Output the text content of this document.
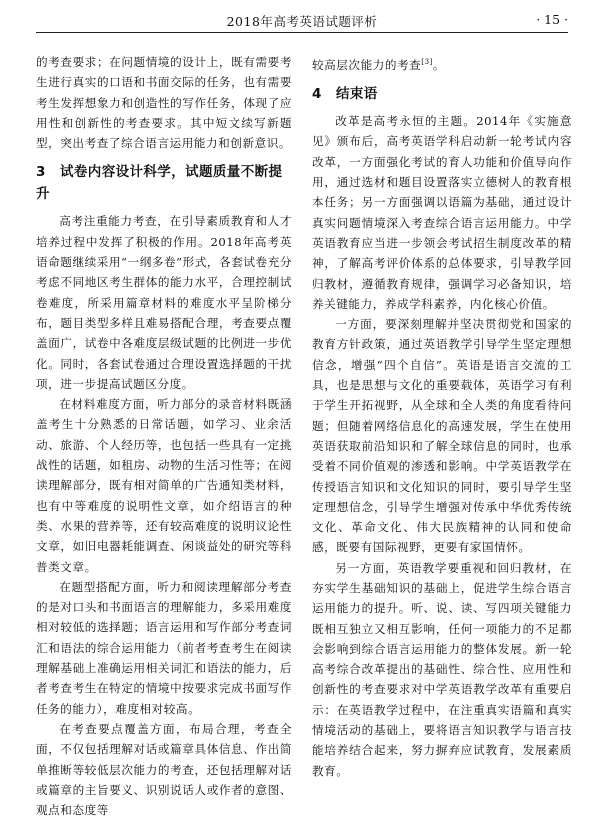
2018年高考英语试题评析	· 15 ·

的考查要求；在问题情境的设计上，既有需要考生进行真实的口语和书面交际的任务，也有需要考生发挥想象力和创造性的写作任务，体现了应用性和创新性的考查要求。其中短文续写新题型，突出考查了综合语言运用能力和创新意识。

3 试卷内容设计科学，试题质量不断提升

高考注重能力考查，在引导素质教育和人才培养过程中发挥了积极的作用。2018年高考英语命题继续采用“一纲多卷”形式，各套试卷充分考虑不同地区考生群体的能力水平，合理控制试卷难度，所采用篇章材料的难度水平呈阶梯分布，题目类型多样且难易搭配合理，考查要点覆盖面广，试卷中各难度层级试题的比例进一步优化。同时，各套试卷通过合理设置选择题的干扰项，进一步提高试题区分度。

在材料难度方面，听力部分的录音材料既涵盖考生十分熟悉的日常话题，如学习、业余活动、旅游、个人经历等，也包括一些具有一定挑战性的话题，如租房、动物的生活习性等；在阅读理解部分，既有相对简单的广告通知类材料，也有中等难度的说明性文章，如介绍语言的种类、水果的营养等，还有较高难度的说明议论性文章，如旧电器耗能调查、闲谈益处的研究等科普类文章。

在题型搭配方面，听力和阅读理解部分考查的是对口头和书面语言的理解能力，多采用难度相对较低的选择题；语言运用和写作部分考查词汇和语法的综合运用能力（前者考查考生在阅读理解基础上准确运用相关词汇和语法的能力，后者考查考生在特定的情境中按要求完成书面写作任务的能力），难度相对较高。

在考查要点覆盖方面，布局合理，考查全面，不仅包括理解对话或篇章具体信息、作出简单推断等较低层次能力的考查，还包括理解对话或篇章的主旨要义、识别说话人或作者的意图、观点和态度等

较高层次能力的考查[3]。

4 结束语

改革是高考永恒的主题。2014年《实施意见》颁布后，高考英语学科启动新一轮考试内容改革，一方面强化考试的育人功能和价值导向作用，通过选材和题目设置落实立德树人的教育根本任务；另一方面强调以语篇为基础，通过设计真实问题情境深入考查综合语言运用能力。中学英语教育应当进一步领会考试招生制度改革的精神，了解高考评价体系的总体要求，引导教学回归教材，遵循教育规律，强调学习必备知识，培养关键能力，养成学科素养，内化核心价值。

一方面，要深刻理解并坚决贯彻党和国家的教育方针政策，通过英语教学引导学生坚定理想信念，增强“四个自信”。英语是语言交流的工具，也是思想与文化的重要载体，英语学习有利于学生开拓视野，从全球和全人类的角度看待问题；但随着网络信息化的高速发展，学生在使用英语获取前沿知识和了解全球信息的同时，也承受着不同价值观的渗透和影响。中学英语教学在传授语言知识和文化知识的同时，要引导学生坚定理想信念，引导学生增强对传承中华优秀传统文化、革命文化、伟大民族精神的认同和使命感，既要有国际视野，更要有家国情怀。

另一方面，英语教学要重视和回归教材，在夯实学生基础知识的基础上，促进学生综合语言运用能力的提升。听、说、读、写四项关键能力既相互独立又相互影响，任何一项能力的不足都会影响到综合语言运用能力的整体发展。新一轮高考综合改革提出的基础性、综合性、应用性和创新性的考查要求对中学英语教学改革有重要启示：在英语教学过程中，在注重真实语篇和真实情境活动的基础上，要将语言知识教学与语言技能培养结合起来，努力摒弃应试教育，发展素质教育。
